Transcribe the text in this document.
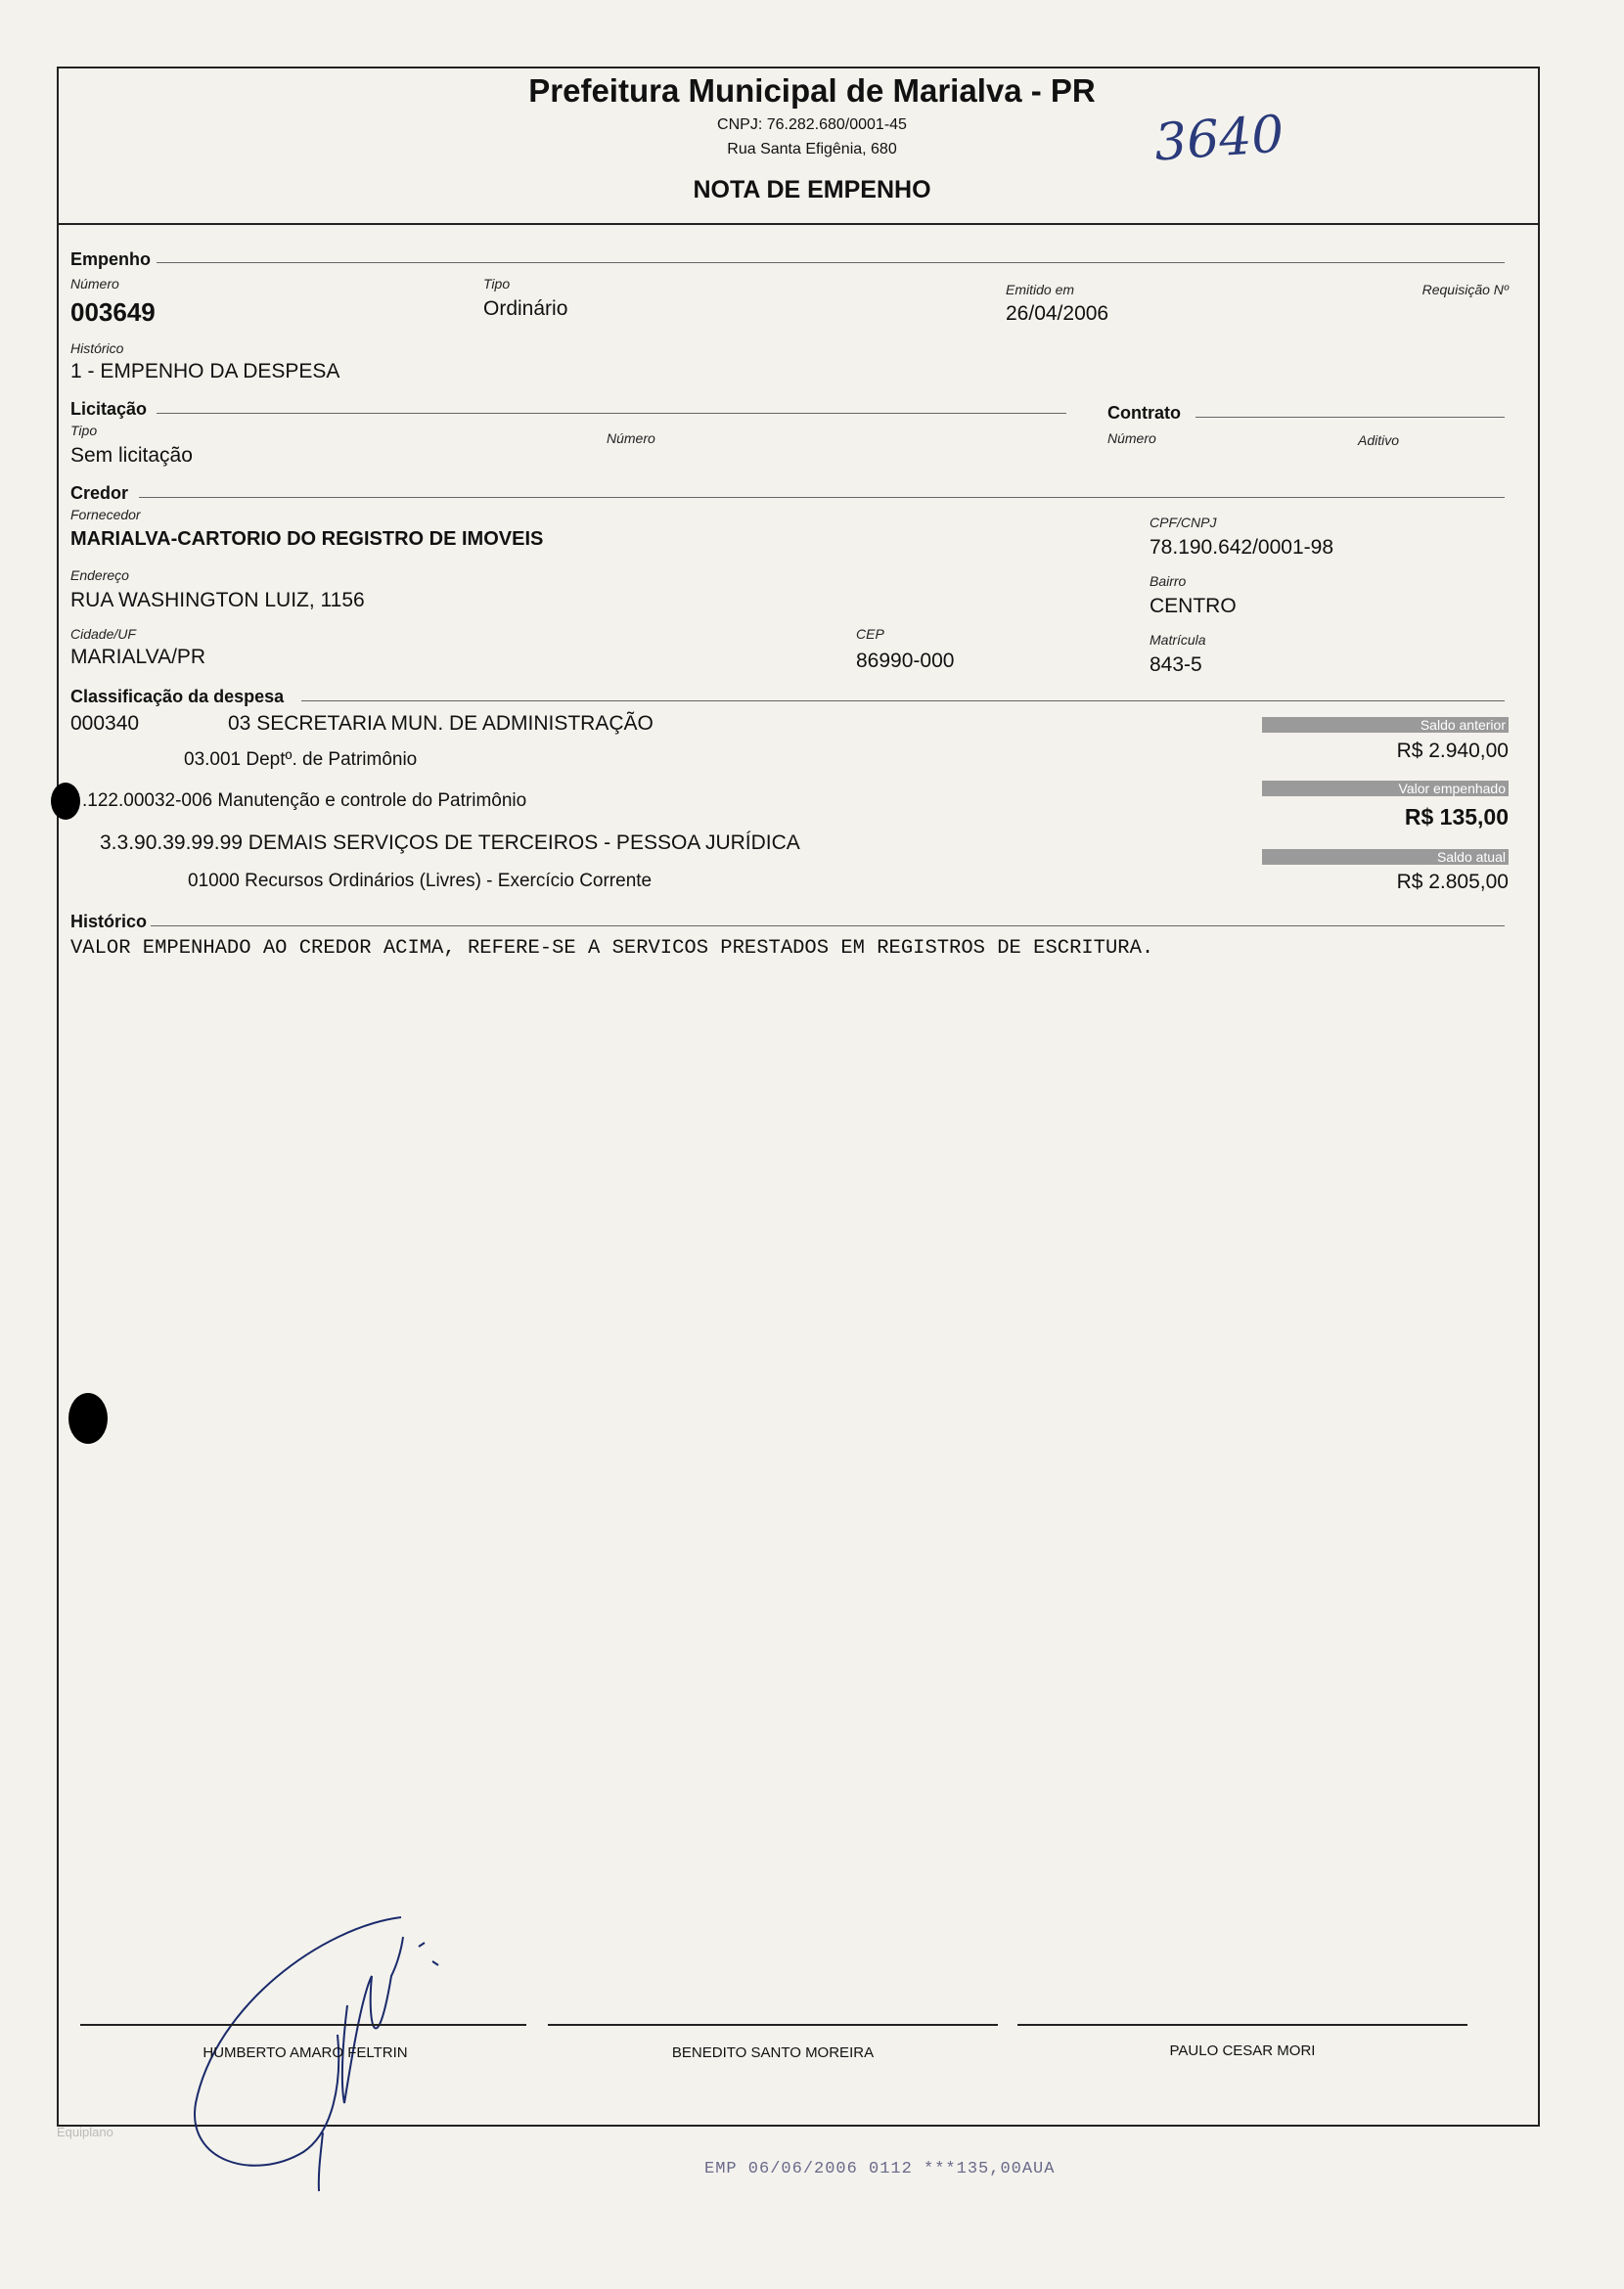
Prefeitura Municipal de Marialva - PR
CNPJ: 76.282.680/0001-45
Rua Santa Efigênia, 680
NOTA DE EMPENHO
3640
Empenho
Número
003649
Tipo
Ordinário
Emitido em
26/04/2006
Requisição Nº
Histórico
1 - EMPENHO DA DESPESA
Licitação	Contrato
Tipo
Sem licitação
Número	Número	Aditivo
Credor
Fornecedor
MARIALVA-CARTORIO DO REGISTRO DE IMOVEIS
CPF/CNPJ
78.190.642/0001-98
Endereço
RUA WASHINGTON LUIZ, 1156
Bairro
CENTRO
Cidade/UF
MARIALVA/PR
CEP
86990-000
Matrícula
843-5
Classificação da despesa
000340	03 SECRETARIA MUN. DE ADMINISTRAÇÃO
03.001 Deptº. de Patrimônio
.122.00032-006 Manutenção e controle do Patrimônio
3.3.90.39.99.99 DEMAIS SERVIÇOS DE TERCEIROS - PESSOA JURÍDICA
01000 Recursos Ordinários (Livres) - Exercício Corrente
Saldo anterior
R$ 2.940,00
Valor empenhado
R$ 135,00
Saldo atual
R$ 2.805,00
Histórico
VALOR EMPENHADO AO CREDOR ACIMA, REFERE-SE A SERVICOS PRESTADOS EM REGISTROS DE ESCRITURA.
HUMBERTO AMARO FELTRIN	BENEDITO SANTO MOREIRA	PAULO CESAR MORI
Equiplano
EMP 06/06/2006 0112 ***135,00AUA
